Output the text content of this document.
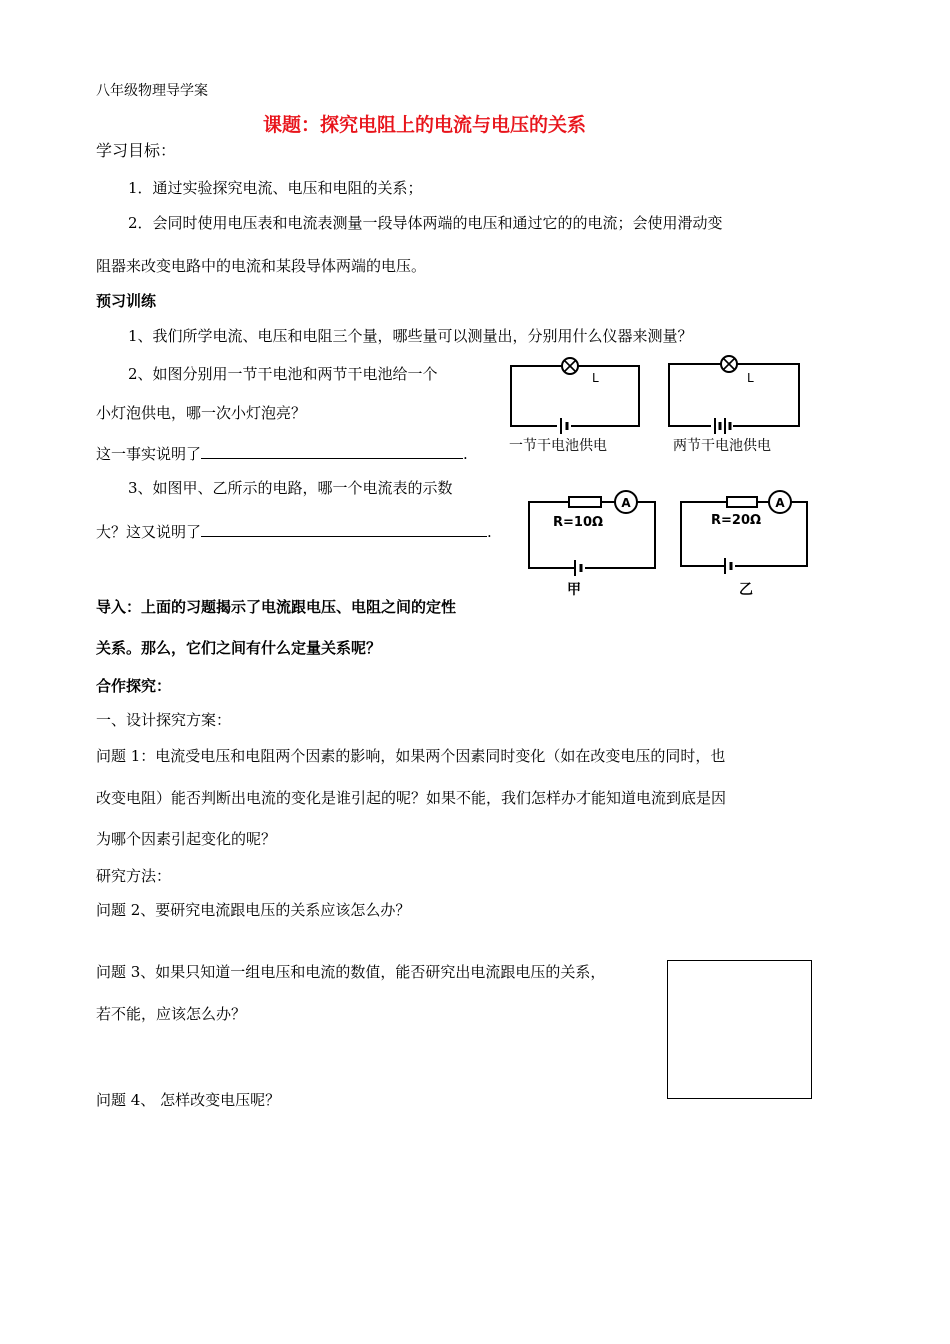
八年级物理导学案
课题：探究电阻上的电流与电压的关系
学习目标：
1．通过实验探究电流、电压和电阻的关系；
2．会同时使用电压表和电流表测量一段导体两端的电压和通过它的的电流；会使用滑动变
阻器来改变电路中的电流和某段导体两端的电压。
预习训练
1、我们所学电流、电压和电阻三个量，哪些量可以测量出，分别用什么仪器来测量？
2、如图分别用一节干电池和两节干电池给一个
小灯泡供电，哪一次小灯泡亮？
这一事实说明了	.
3、如图甲、乙所示的电路，哪一个电流表的示数
大？这又说明了	.
L
一节干电池供电
L
两节干电池供电
A
R=10Ω
甲
A
R=20Ω
乙
导入：上面的习题揭示了电流跟电压、电阻之间的定性
关系。那么，它们之间有什么定量关系呢？
合作探究：
一、设计探究方案：
问题 1：电流受电压和电阻两个因素的影响，如果两个因素同时变化（如在改变电压的同时，也
改变电阻）能否判断出电流的变化是谁引起的呢？如果不能，我们怎样办才能知道电流到底是因
为哪个因素引起变化的呢？
研究方法：
问题 2、要研究电流跟电压的关系应该怎么办？
问题 3、如果只知道一组电压和电流的数值，能否研究出电流跟电压的关系，
若不能，应该怎么办？
问题 4、 怎样改变电压呢？
